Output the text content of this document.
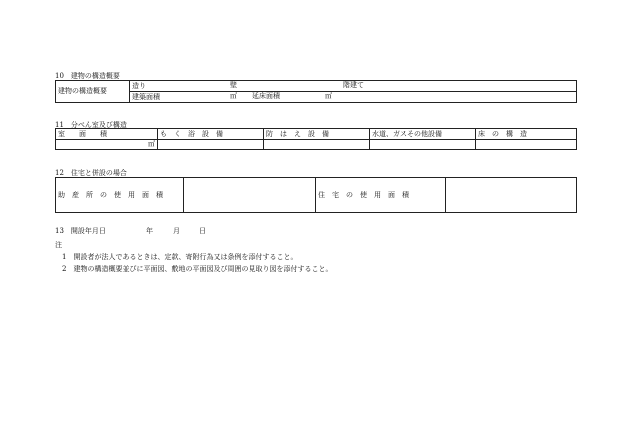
10　建物の構造概要
建物の構造概要	造り	壁	階建て

建築面積	㎡ 延床面積	㎡
11　分べん室及び構造
室　　面　　積	も　く　浴　設　備	防　は　え　設　備	水道、ガスその他設備	床　の　構　造
㎡				
12　住宅と併設の場合
助　産　所　の　使　用　面　積		住　宅　の　使　用　面　積	
13　開設年月日	年	月	日
注
1　開設者が法人であるときは、定款、寄附行為又は条例を添付すること。
2　建物の構造概要並びに平面図、敷地の平面図及び周囲の見取り図を添付すること。
